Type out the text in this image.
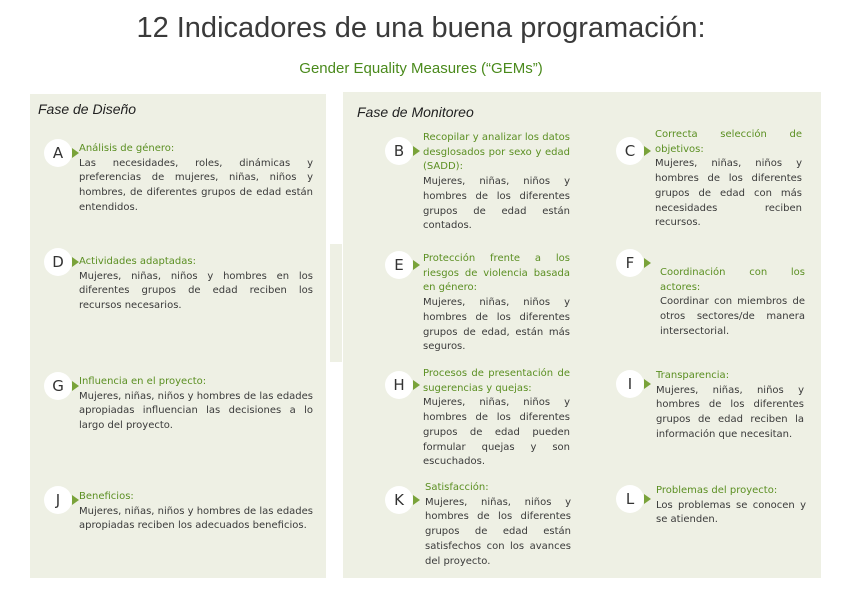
12 Indicadores de una buena programación:
Gender Equality Measures (“GEMs”)
Fase de Diseño	Fase de Monitoreo
A	Análisis de género:
Las necesidades, roles, dinámicas y preferencias de mujeres, niñas, niños y hombres, de diferentes grupos de edad están entendidos.
B
Recopilar y analizar los datos desglosados por sexo y edad (SADD):
Mujeres, niñas, niños y hombres de los diferentes grupos de edad están contados.
C
Correcta selección de objetivos:
Mujeres, niñas, niños y hombres de los diferentes grupos de edad con más necesidades reciben recursos.
D	Actividades adaptadas:
Mujeres, niñas, niños y hombres en los diferentes grupos de edad reciben los recursos necesarios.
E	Protección frente a los riesgos de violencia basada en género:
Mujeres, niñas, niños y hombres de los diferentes grupos de edad, están más seguros.
F
Coordinación con los actores:
Coordinar con miembros de otros sectores/de manera intersectorial.
G	Influencia en el proyecto:
Mujeres, niñas, niños y hombres de las edades apropiadas influencian las decisiones a lo largo del proyecto.
H
Procesos de presentación de sugerencias y quejas:
Mujeres, niñas, niños y hombres de los diferentes grupos de edad pueden formular quejas y son escuchados.
I	Transparencia:
Mujeres, niñas, niños y hombres de los diferentes grupos de edad reciben la información que necesitan.
J	Beneficios:
Mujeres, niñas, niños y hombres de las edades apropiadas reciben los adecuados beneficios.
K
Satisfacción:
Mujeres, niñas, niños y hombres de los diferentes grupos de edad están satisfechos con los avances del proyecto.
L	Problemas del proyecto:
Los problemas se conocen y se atienden.
